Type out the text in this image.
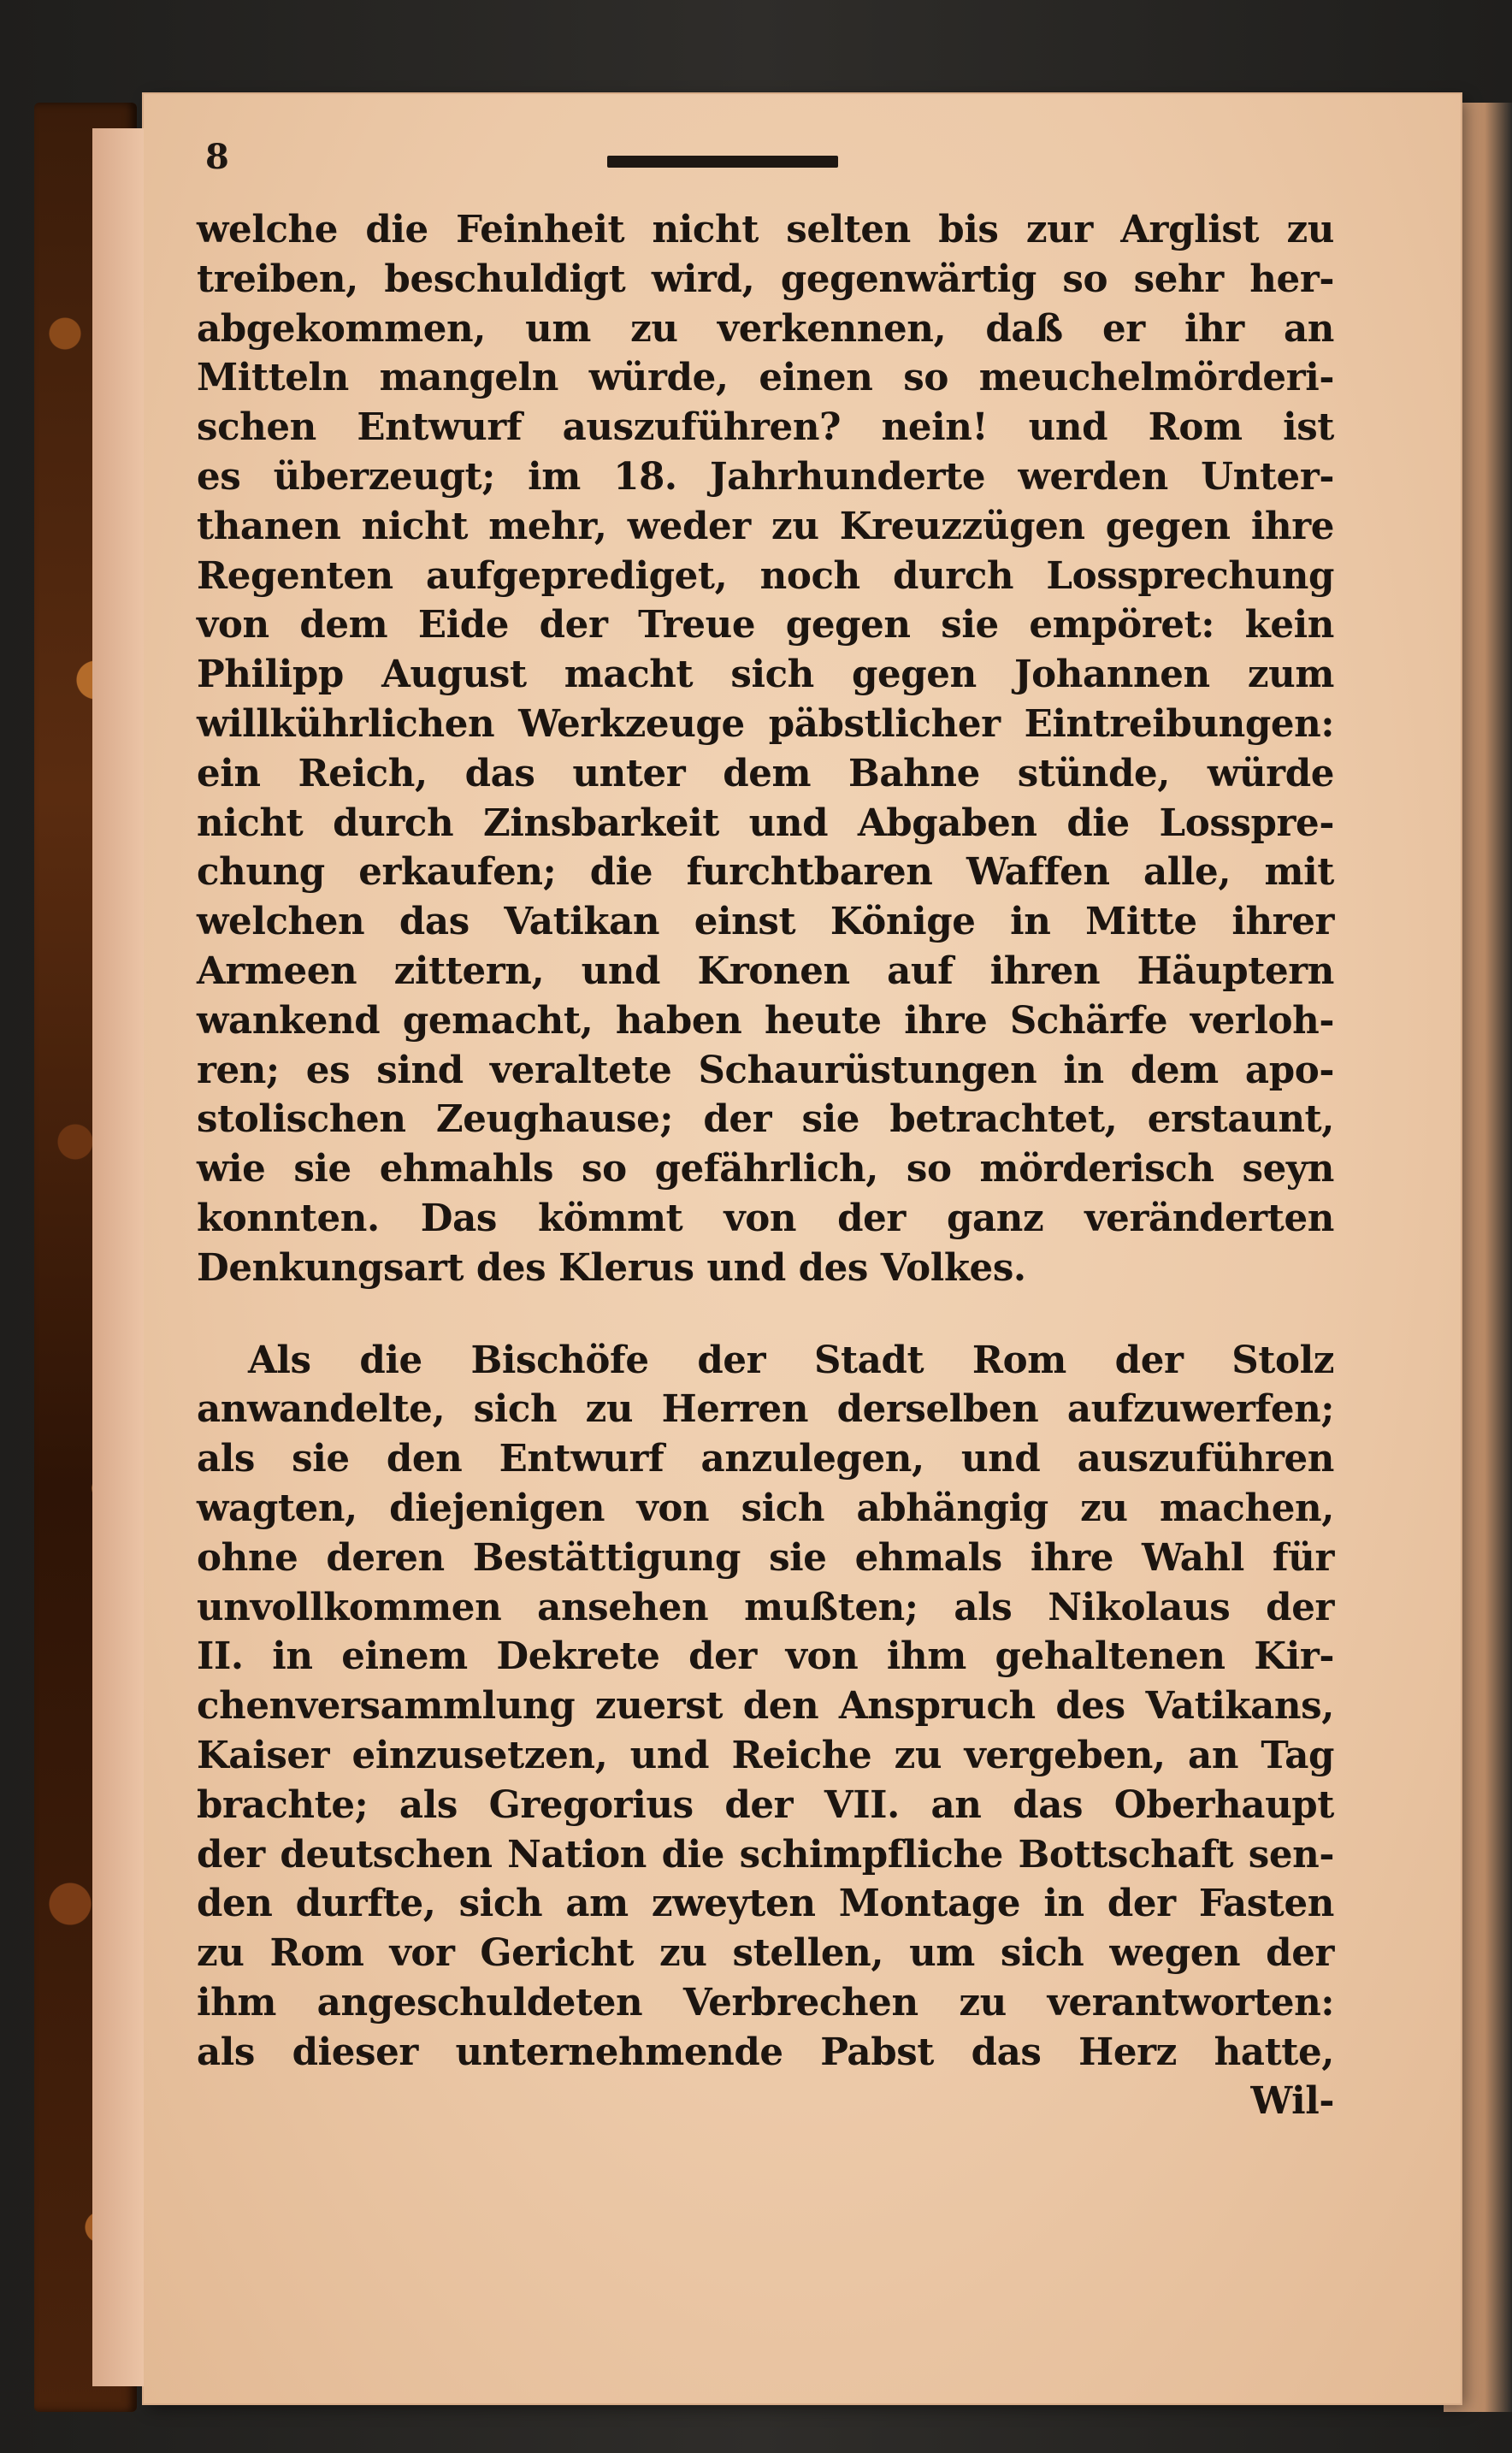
8
welche die Feinheit nicht selten bis zur Arglist zu
treiben, beschuldigt wird, gegenwärtig so sehr her-
abgekommen, um zu verkennen, daß er ihr an
Mitteln mangeln würde, einen so meuchelmörderi-
schen Entwurf auszuführen? nein! und Rom ist
es überzeugt; im 18. Jahrhunderte werden Unter-
thanen nicht mehr, weder zu Kreuzzügen gegen ihre
Regenten aufgeprediget, noch durch Lossprechung
von dem Eide der Treue gegen sie empöret: kein
Philipp August macht sich gegen Johannen zum
willkührlichen Werkzeuge päbstlicher Eintreibungen:
ein Reich, das unter dem Bahne stünde, würde
nicht durch Zinsbarkeit und Abgaben die Losspre-
chung erkaufen; die furchtbaren Waffen alle, mit
welchen das Vatikan einst Könige in Mitte ihrer
Armeen zittern, und Kronen auf ihren Häuptern
wankend gemacht, haben heute ihre Schärfe verloh-
ren; es sind veraltete Schaurüstungen in dem apo-
stolischen Zeughause; der sie betrachtet, erstaunt,
wie sie ehmahls so gefährlich, so mörderisch seyn
konnten. Das kömmt von der ganz veränderten
Denkungsart des Klerus und des Volkes.
Als die Bischöfe der Stadt Rom der Stolz
anwandelte, sich zu Herren derselben aufzuwerfen;
als sie den Entwurf anzulegen, und auszuführen
wagten, diejenigen von sich abhängig zu machen,
ohne deren Bestättigung sie ehmals ihre Wahl für
unvollkommen ansehen mußten; als Nikolaus der
II. in einem Dekrete der von ihm gehaltenen Kir-
chenversammlung zuerst den Anspruch des Vatikans,
Kaiser einzusetzen, und Reiche zu vergeben, an Tag
brachte; als Gregorius der VII. an das Oberhaupt
der deutschen Nation die schimpfliche Bottschaft sen-
den durfte, sich am zweyten Montage in der Fasten
zu Rom vor Gericht zu stellen, um sich wegen der
ihm angeschuldeten Verbrechen zu verantworten:
als dieser unternehmende Pabst das Herz hatte,
Wil-
